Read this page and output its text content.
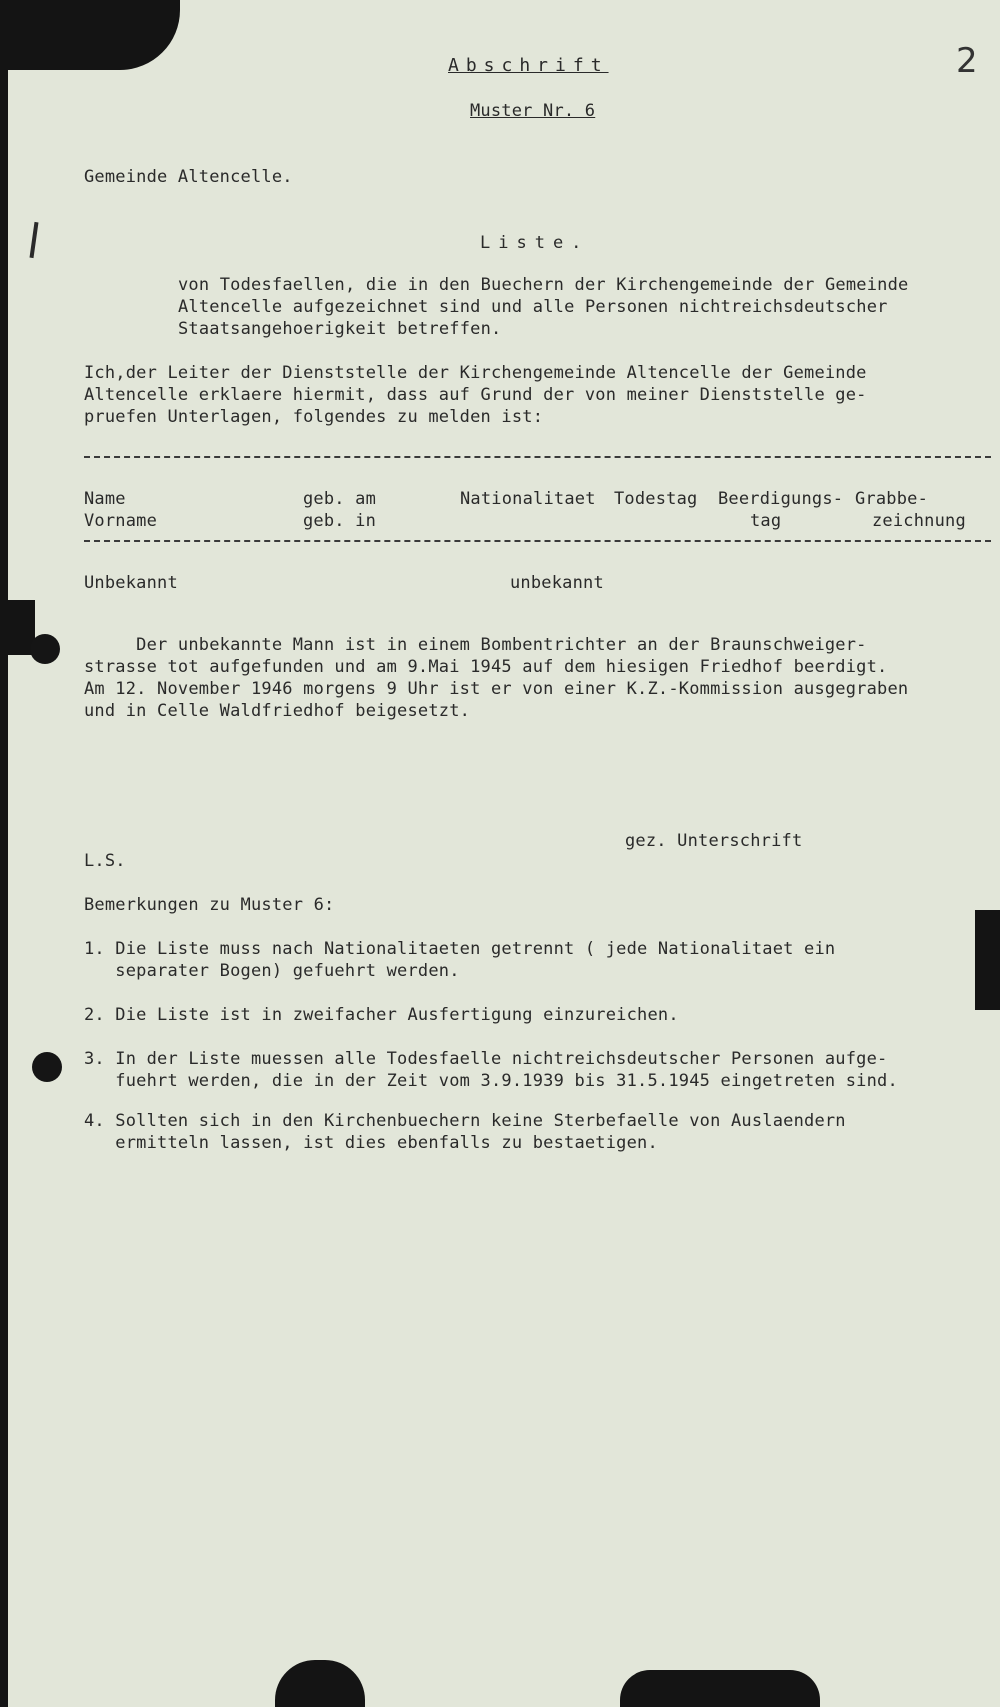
Abschrift	2
Muster Nr. 6
Gemeinde Altencelle.
Liste.
von Todesfaellen, die in den Buechern der Kirchengemeinde der Gemeinde
Altencelle aufgezeichnet sind und alle Personen nichtreichsdeutscher
Staatsangehoerigkeit betreffen.
Ich,der Leiter der Dienststelle der Kirchengemeinde Altencelle der Gemeinde
Altencelle erklaere hiermit, dass auf Grund der von meiner Dienststelle ge-
pruefen Unterlagen, folgendes zu melden ist:
Name
Vorname
geb. am
geb. in
Nationalitaet Todestag Beerdigungs-
tag
Grabbe-
zeichnung
Unbekannt	unbekannt
Der unbekannte Mann ist in einem Bombentrichter an der Braunschweiger-
strasse tot aufgefunden und am 9.Mai 1945 auf dem hiesigen Friedhof beerdigt.
Am 12. November 1946 morgens 9 Uhr ist er von einer K.Z.-Kommission ausgegraben
und in Celle Waldfriedhof beigesetzt.
gez. Unterschrift
L.S.
Bemerkungen zu Muster 6:
1. Die Liste muss nach Nationalitaeten getrennt ( jede Nationalitaet ein
separater Bogen) gefuehrt werden.
2. Die Liste ist in zweifacher Ausfertigung einzureichen.
3. In der Liste muessen alle Todesfaelle nichtreichsdeutscher Personen aufge-
fuehrt werden, die in der Zeit vom 3.9.1939 bis 31.5.1945 eingetreten sind.
4. Sollten sich in den Kirchenbuechern keine Sterbefaelle von Auslaendern
ermitteln lassen, ist dies ebenfalls zu bestaetigen.
